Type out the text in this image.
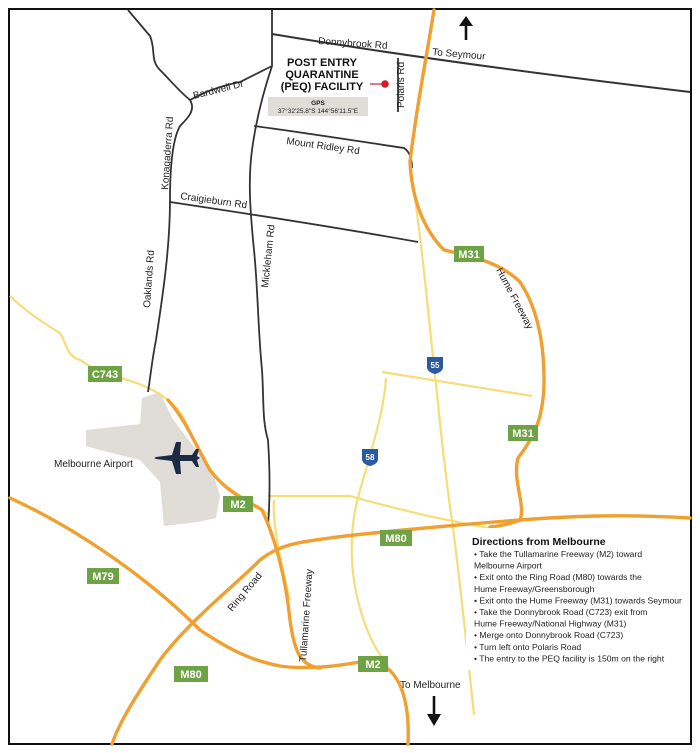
POST ENTRY
QUARANTINE
(PEQ) FACILITY
GPS
37°32'25.8"S 144°56'11.5"E
Donnybrook Rd
To Seymour
Bardwell Dr	Polaris Rd
Mount Ridley Rd
Konagaderra Rd
Craigieburn Rd
Oaklands Rd	Mickleham Rd
Hume Freeway
Ring Road	Tullamarine Freeway
To Melbourne
Melbourne Airport
M31
M31
C743
M2
M80
M79
M80
M2
55
58
Directions from Melbourne
• Take the Tullamarine Freeway (M2) toward
Melbourne Airport
• Exit onto the Ring Road (M80) towards the
Hume Freeway/Greensborough
• Exit onto the Hume Freeway (M31) towards Seymour
• Take the Donnybrook Road (C723) exit from
Hume Freeway/National Highway (M31)
• Merge onto Donnybrook Road (C723)
• Turn left onto Polaris Road
• The entry to the PEQ facility is 150m on the right
